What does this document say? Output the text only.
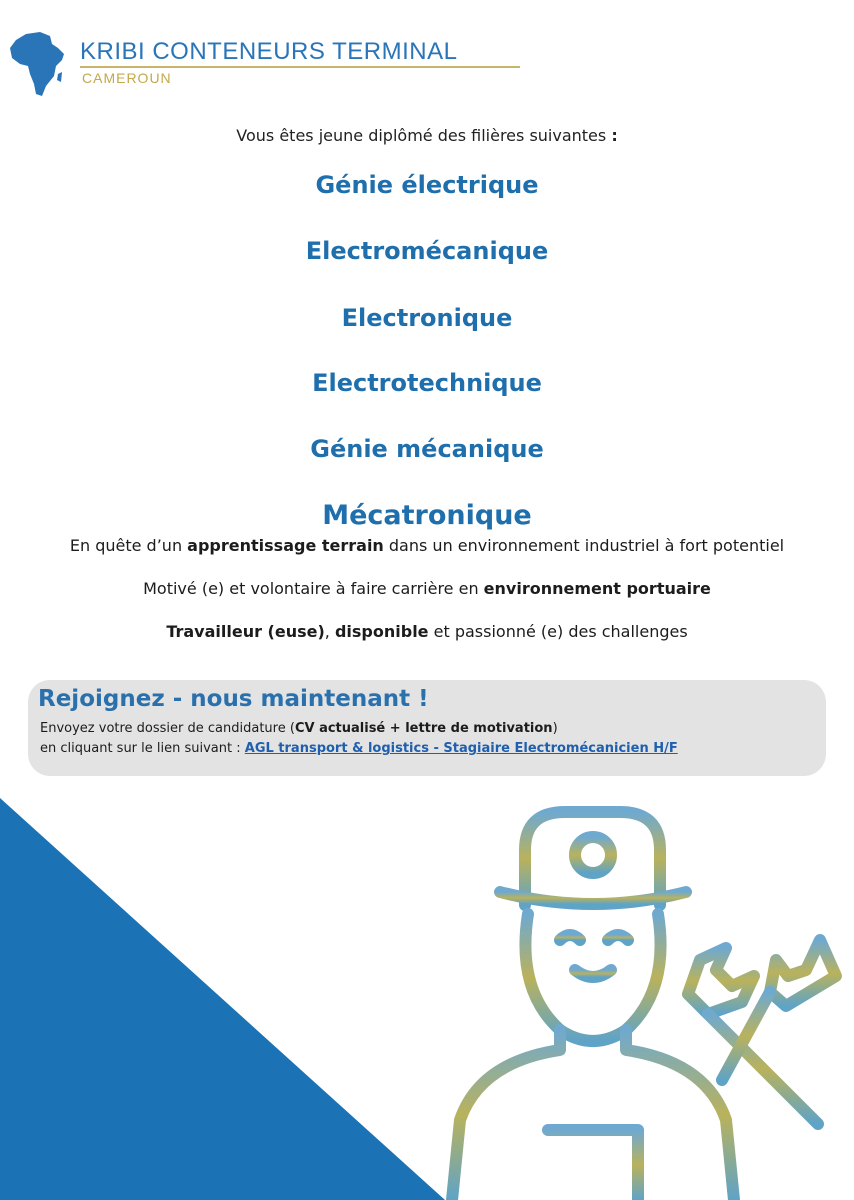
KRIBI CONTENEURS TERMINAL
CAMEROUN
Vous êtes jeune diplômé des filières suivantes :
Génie électrique
Electromécanique
Electronique
Electrotechnique
Génie mécanique
Mécatronique
En quête d’un apprentissage terrain dans un environnement industriel à fort potentiel
Motivé (e) et volontaire à faire carrière en environnement portuaire
Travailleur (euse), disponible et passionné (e) des challenges
Rejoignez - nous maintenant !
Envoyez votre dossier de candidature (CV actualisé + lettre de motivation)
en cliquant sur le lien suivant : AGL transport & logistics - Stagiaire Electromécanicien H/F
